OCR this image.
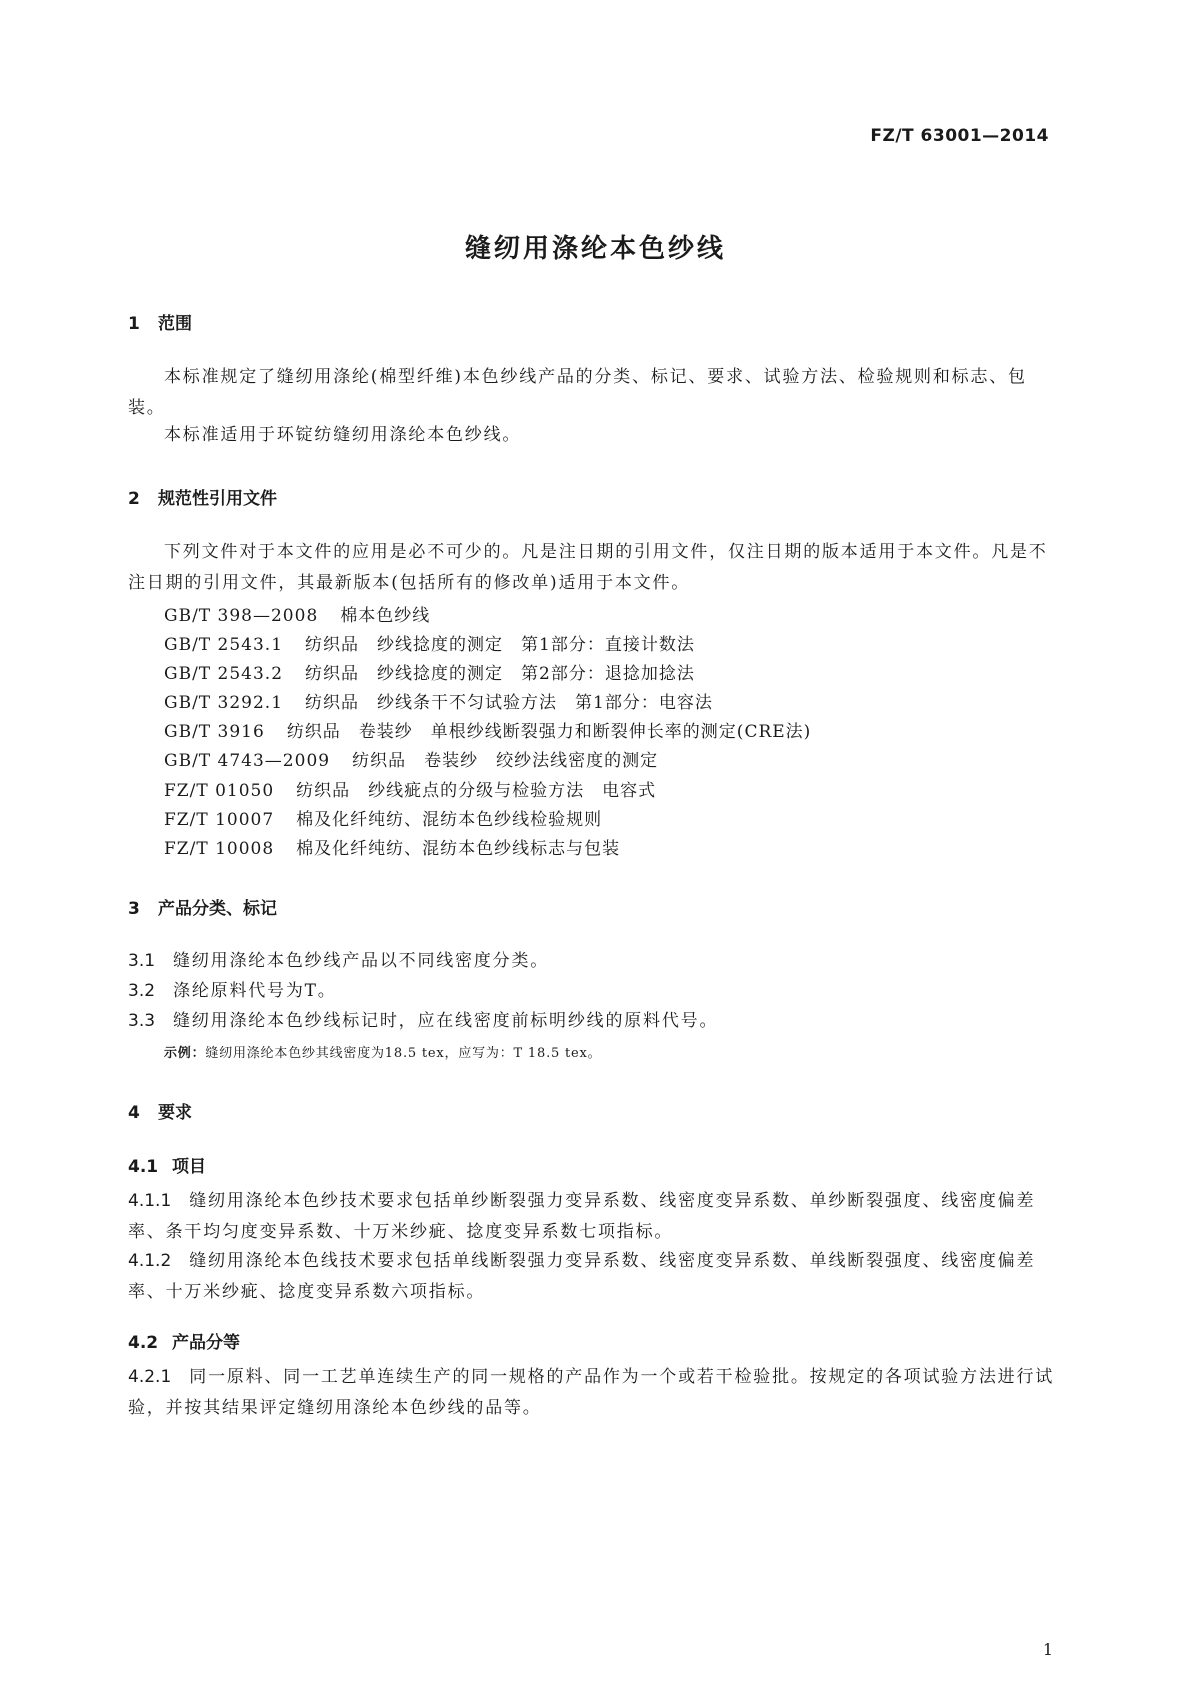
FZ/T 63001—2014
缝纫用涤纶本色纱线
1 范围
本标准规定了缝纫用涤纶(棉型纤维)本色纱线产品的分类、标记、要求、试验方法、检验规则和标志、包装。
本标准适用于环锭纺缝纫用涤纶本色纱线。
2 规范性引用文件
下列文件对于本文件的应用是必不可少的。凡是注日期的引用文件，仅注日期的版本适用于本文件。凡是不注日期的引用文件，其最新版本(包括所有的修改单)适用于本文件。
GB/T 398—2008 棉本色纱线
GB/T 2543.1 纺织品　纱线捻度的测定　第1部分：直接计数法
GB/T 2543.2 纺织品　纱线捻度的测定　第2部分：退捻加捻法
GB/T 3292.1 纺织品　纱线条干不匀试验方法　第1部分：电容法
GB/T 3916 纺织品　卷装纱　单根纱线断裂强力和断裂伸长率的测定(CRE法)
GB/T 4743—2009 纺织品　卷装纱　绞纱法线密度的测定
FZ/T 01050 纺织品　纱线疵点的分级与检验方法　电容式
FZ/T 10007 棉及化纤纯纺、混纺本色纱线检验规则
FZ/T 10008 棉及化纤纯纺、混纺本色纱线标志与包装
3 产品分类、标记
3.1 缝纫用涤纶本色纱线产品以不同线密度分类。
3.2 涤纶原料代号为T。
3.3 缝纫用涤纶本色纱线标记时，应在线密度前标明纱线的原料代号。
示例：缝纫用涤纶本色纱其线密度为18.5 tex，应写为：T 18.5 tex。
4 要求
4.1 项目
4.1.1 缝纫用涤纶本色纱技术要求包括单纱断裂强力变异系数、线密度变异系数、单纱断裂强度、线密度偏差率、条干均匀度变异系数、十万米纱疵、捻度变异系数七项指标。
4.1.2 缝纫用涤纶本色线技术要求包括单线断裂强力变异系数、线密度变异系数、单线断裂强度、线密度偏差率、十万米纱疵、捻度变异系数六项指标。
4.2 产品分等
4.2.1 同一原料、同一工艺单连续生产的同一规格的产品作为一个或若干检验批。按规定的各项试验方法进行试验，并按其结果评定缝纫用涤纶本色纱线的品等。
1
